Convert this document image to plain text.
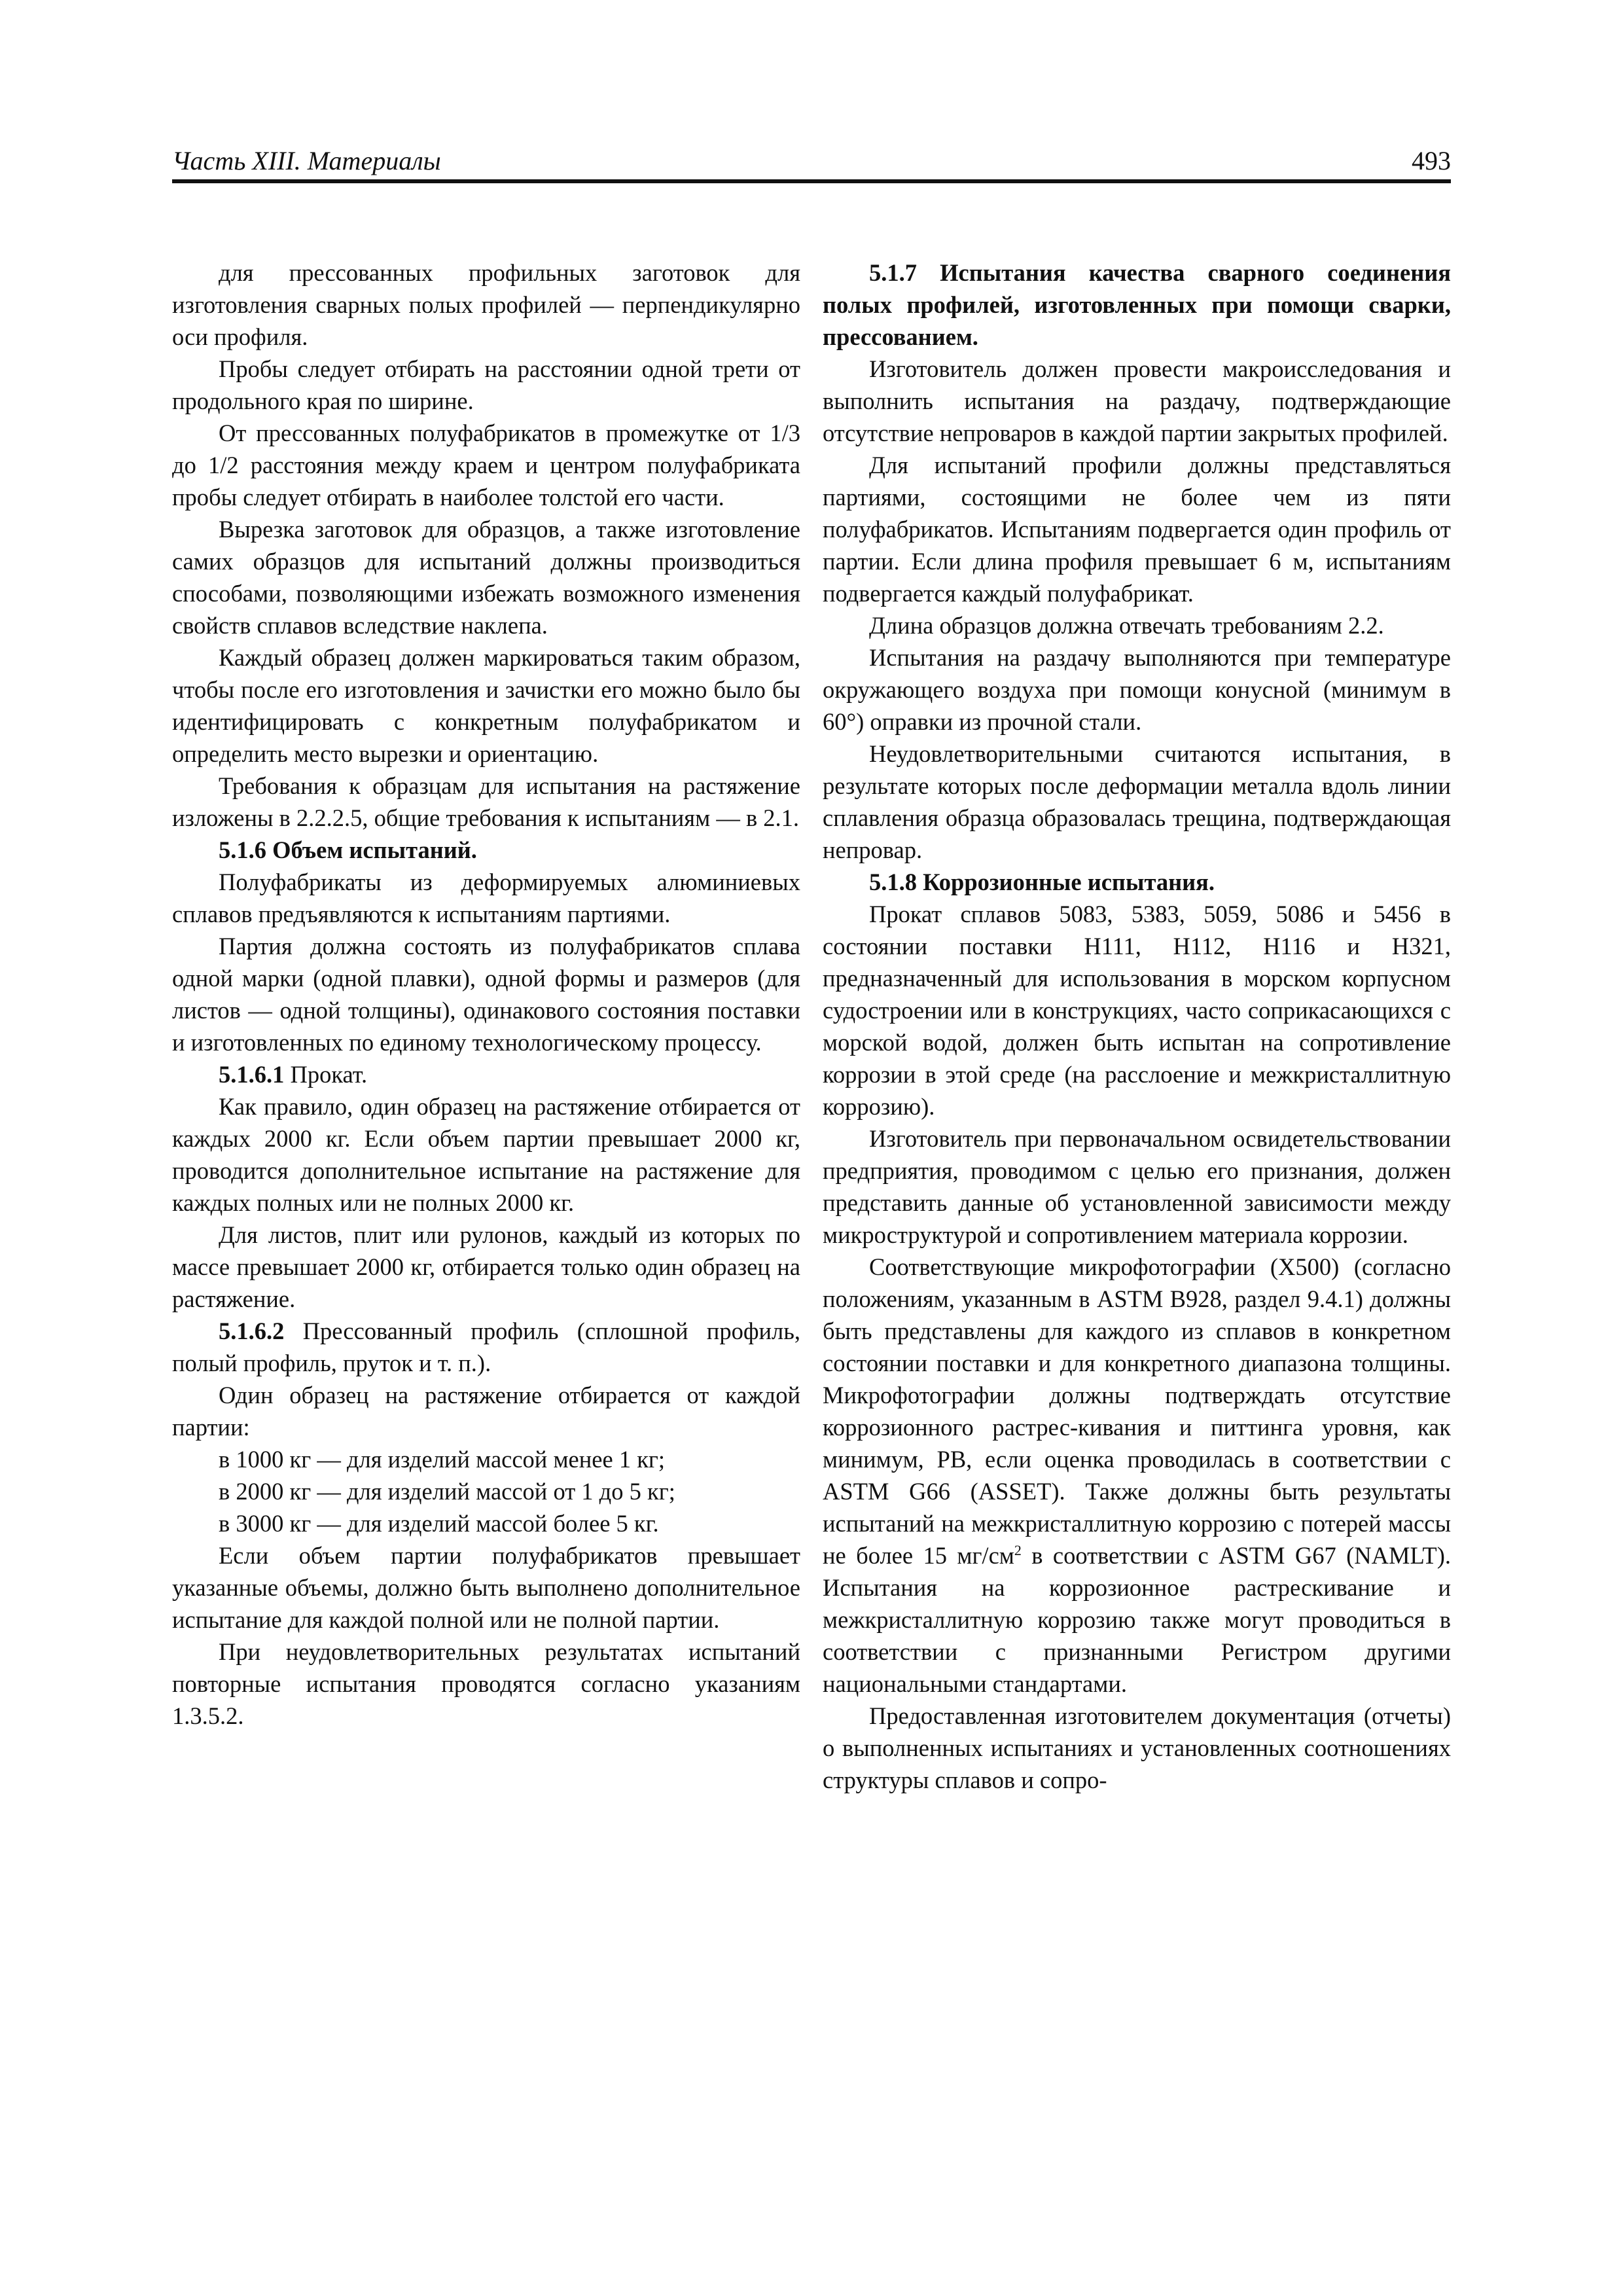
Часть XIII. Материалы	493

для прессованных профильных заготовок для изготовления сварных полых профилей — перпендикулярно оси профиля.

Пробы следует отбирать на расстоянии одной трети от продольного края по ширине.

От прессованных полуфабрикатов в промежутке от 1/3 до 1/2 расстояния между краем и центром полуфабриката пробы следует отбирать в наиболее толстой его части.

Вырезка заготовок для образцов, а также изготовление самих образцов для испытаний должны производиться способами, позволяющими избежать возможного изменения свойств сплавов вследствие наклепа.

Каждый образец должен маркироваться таким образом, чтобы после его изготовления и зачистки его можно было бы идентифицировать с конкретным полуфабрикатом и определить место вырезки и ориентацию.

Требования к образцам для испытания на растяжение изложены в 2.2.2.5, общие требования к испытаниям — в 2.1.

5.1.6 Объем испытаний.

Полуфабрикаты из деформируемых алюминиевых сплавов предъявляются к испытаниям партиями.

Партия должна состоять из полуфабрикатов сплава одной марки (одной плавки), одной формы и размеров (для листов — одной толщины), одинакового состояния поставки и изготовленных по единому технологическому процессу.

5.1.6.1 Прокат.

Как правило, один образец на растяжение отбирается от каждых 2000 кг. Если объем партии превышает 2000 кг, проводится дополнительное испытание на растяжение для каждых полных или не полных 2000 кг.

Для листов, плит или рулонов, каждый из которых по массе превышает 2000 кг, отбирается только один образец на растяжение.

5.1.6.2 Прессованный профиль (сплошной профиль, полый профиль, пруток и т. п.).

Один образец на растяжение отбирается от каждой партии:

в 1000 кг — для изделий массой менее 1 кг;

в 2000 кг — для изделий массой от 1 до 5 кг;

в 3000 кг — для изделий массой более 5 кг.

Если объем партии полуфабрикатов превышает указанные объемы, должно быть выполнено дополнительное испытание для каждой полной или не полной партии.

При неудовлетворительных результатах испытаний повторные испытания проводятся согласно указаниям 1.3.5.2.

5.1.7 Испытания качества сварного соединения полых профилей, изготовленных при помощи сварки, прессованием.

Изготовитель должен провести макроисследования и выполнить испытания на раздачу, подтверждающие отсутствие непроваров в каждой партии закрытых профилей.

Для испытаний профили должны представляться партиями, состоящими не более чем из пяти полуфабрикатов. Испытаниям подвергается один профиль от партии. Если длина профиля превышает 6 м, испытаниям подвергается каждый полуфабрикат.

Длина образцов должна отвечать требованиям 2.2.

Испытания на раздачу выполняются при температуре окружающего воздуха при помощи конусной (минимум в 60°) оправки из прочной стали.

Неудовлетворительными считаются испытания, в результате которых после деформации металла вдоль линии сплавления образца образовалась трещина, подтверждающая непровар.

5.1.8 Коррозионные испытания.

Прокат сплавов 5083, 5383, 5059, 5086 и 5456 в состоянии поставки H111, H112, H116 и H321, предназначенный для использования в морском корпусном судостроении или в конструкциях, часто соприкасающихся с морской водой, должен быть испытан на сопротивление коррозии в этой среде (на расслоение и межкристаллитную коррозию).

Изготовитель при первоначальном освидетельствовании предприятия, проводимом с целью его признания, должен представить данные об установленной зависимости между микроструктурой и сопротивлением материала коррозии.

Соответствующие микрофотографии (X500) (согласно положениям, указанным в ASTM B928, раздел 9.4.1) должны быть представлены для каждого из сплавов в конкретном состоянии поставки и для конкретного диапазона толщины. Микрофотографии должны подтверждать отсутствие коррозионного растрес-кивания и питтинга уровня, как минимум, PB, если оценка проводилась в соответствии с ASTM G66 (ASSET). Также должны быть результаты испытаний на межкристаллитную коррозию с потерей массы не более 15 $мг/см^2$ в соответствии с ASTM G67 (NAMLT). Испытания на коррозионное растрескивание и межкристаллитную коррозию также могут проводиться в соответствии с признанными Регистром другими национальными стандартами.

Предоставленная изготовителем документация (отчеты) о выполненных испытаниях и установленных соотношениях структуры сплавов и сопро-
